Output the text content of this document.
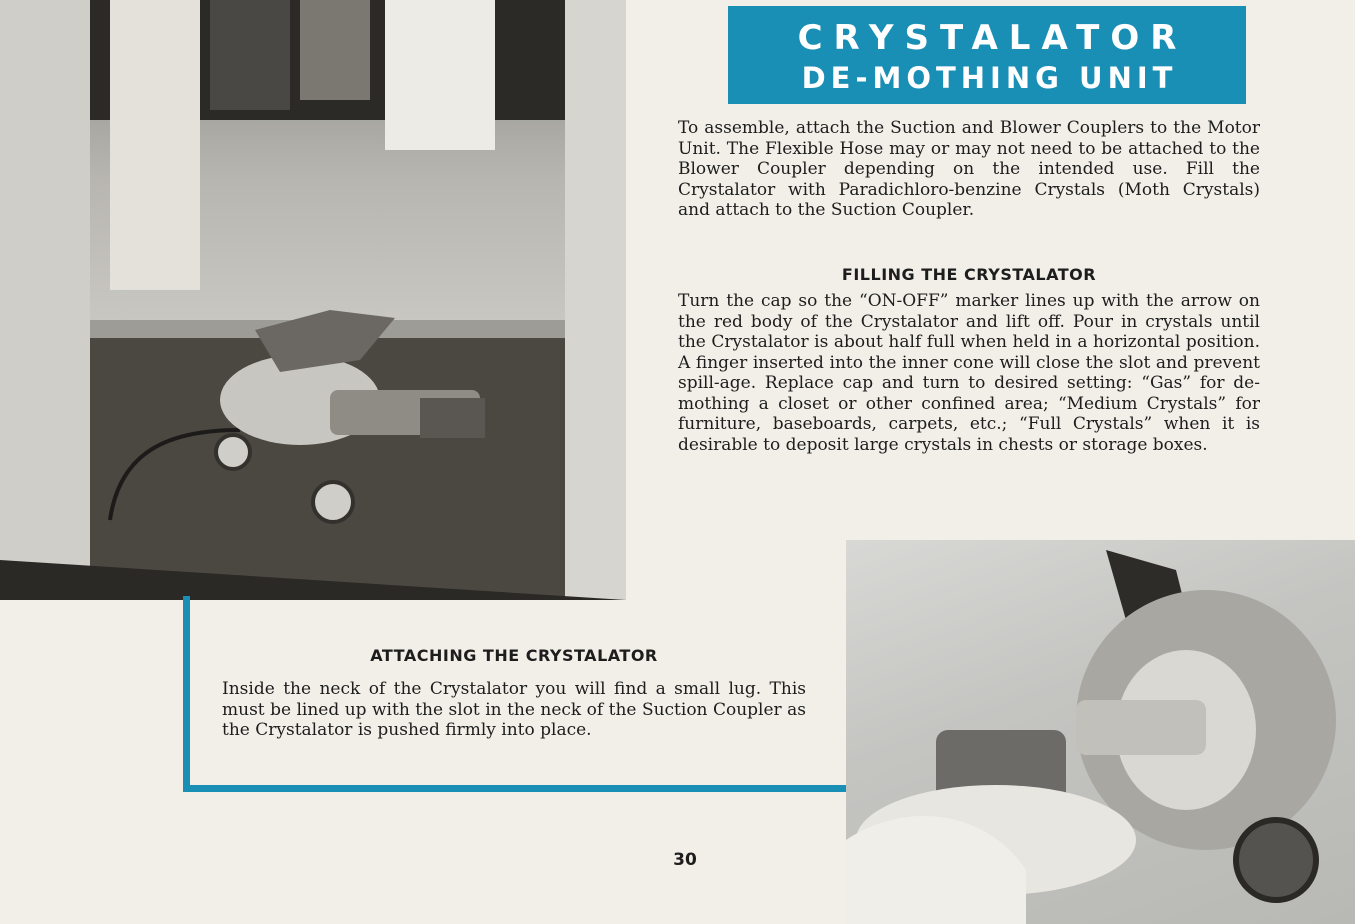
CRYSTALATOR
DE-MOTHING UNIT

To assemble, attach the Suction and Blower Couplers to the Motor Unit. The Flexible Hose may or may not need to be attached to the Blower Coupler depending on the intended use. Fill the Crystalator with Paradichloro-benzine Crystals (Moth Crystals) and attach to the Suction Coupler.

FILLING THE CRYSTALATOR

Turn the cap so the “ON-OFF” marker lines up with the arrow on the red body of the Crystalator and lift off. Pour in crystals until the Crystalator is about half full when held in a horizontal position. A finger inserted into the inner cone will close the slot and prevent spill-age. Replace cap and turn to desired setting: “Gas” for de-mothing a closet or other confined area; “Medium Crystals” for furniture, baseboards, carpets, etc.; “Full Crystals” when it is desirable to deposit large crystals in chests or storage boxes.

ATTACHING THE CRYSTALATOR

Inside the neck of the Crystalator you will find a small lug. This must be lined up with the slot in the neck of the Suction Coupler as the Crystalator is pushed firmly into place.

30
